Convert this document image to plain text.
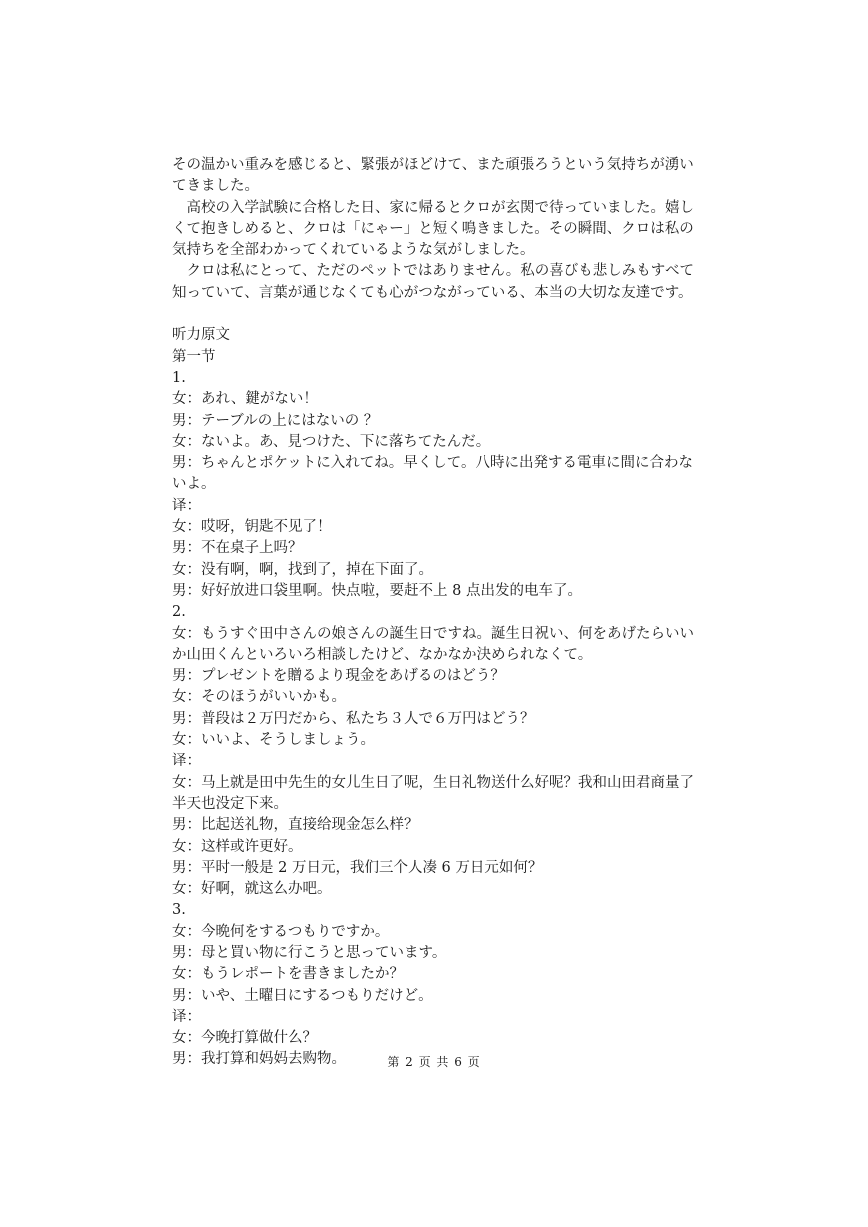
その温かい重みを感じると、緊張がほどけて、また頑張ろうという気持ちが湧いてきました。

　高校の入学試験に合格した日、家に帰るとクロが玄関で待っていました。嬉しくて抱きしめると、クロは「にゃー」と短く鳴きました。その瞬間、クロは私の気持ちを全部わかってくれているような気がしました。

　クロは私にとって、ただのペットではありません。私の喜びも悲しみもすべて知っていて、言葉が通じなくても心がつながっている、本当の大切な友達です。

听力原文

第一节

1.

女：あれ、鍵がない！

男：テーブルの上にはないの ？

女：ないよ。あ、見つけた、下に落ちてたんだ。

男：ちゃんとポケットに入れてね。早くして。八時に出発する電車に間に合わないよ。

译：

女：哎呀，钥匙不见了！

男：不在桌子上吗？

女：没有啊，啊，找到了，掉在下面了。

男：好好放进口袋里啊。快点啦，要赶不上 8 点出发的电车了。

2.

女：もうすぐ田中さんの娘さんの誕生日ですね。誕生日祝い、何をあげたらいいか山田くんといろいろ相談したけど、なかなか決められなくて。

男：プレゼントを贈るより現金をあげるのはどう？

女：そのほうがいいかも。

男：普段は２万円だから、私たち３人で６万円はどう？

女：いいよ、そうしましょう。

译：

女：马上就是田中先生的女儿生日了呢，生日礼物送什么好呢？我和山田君商量了半天也没定下来。

男：比起送礼物，直接给现金怎么样？

女：这样或许更好。

男：平时一般是 2 万日元，我们三个人凑 6 万日元如何？

女：好啊，就这么办吧。

3.

女：今晩何をするつもりですか。

男：母と買い物に行こうと思っています。

女：もうレポートを書きましたか？

男：いや、土曜日にするつもりだけど。

译：

女：今晚打算做什么？

男：我打算和妈妈去购物。	第 2 页 共 6 页
